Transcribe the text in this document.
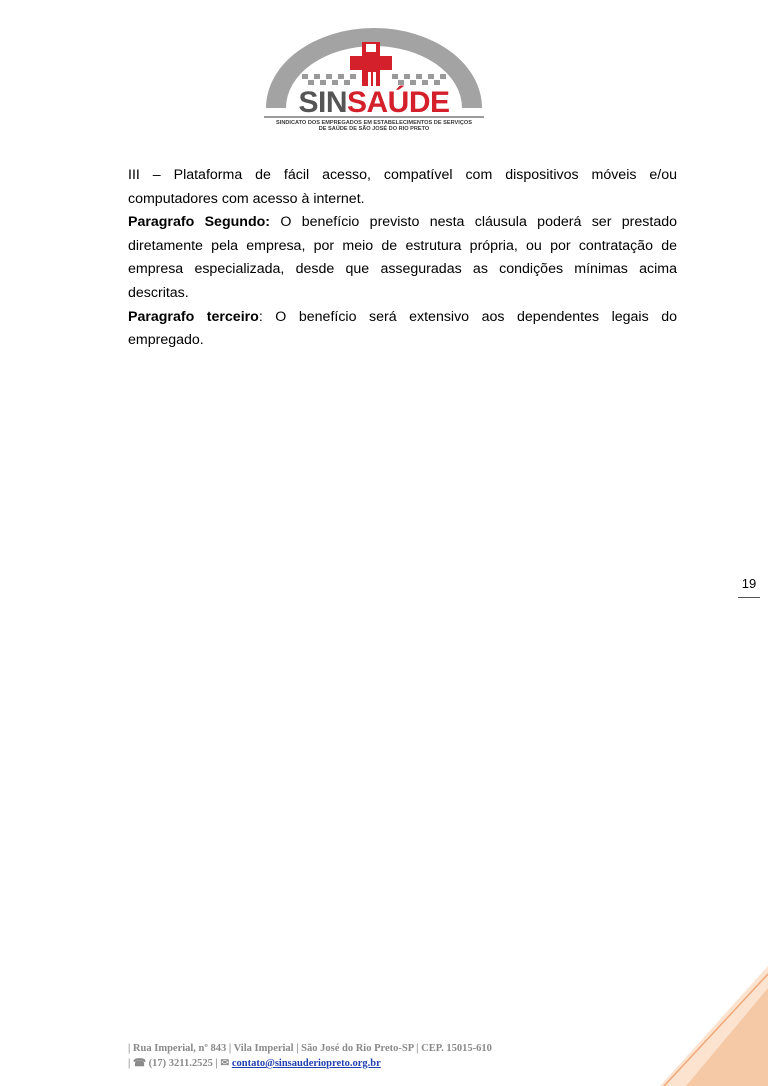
SINSAÚDE
SINDICATO DOS EMPREGADOS EM ESTABELECIMENTOS DE SERVIÇOS
DE SAÚDE DE SÃO JOSÉ DO RIO PRETO

III – Plataforma de fácil acesso, compatível com dispositivos móveis e/ou computadores com acesso à internet.

Paragrafo Segundo: O benefício previsto nesta cláusula poderá ser prestado diretamente pela empresa, por meio de estrutura própria, ou por contratação de empresa especializada, desde que asseguradas as condições mínimas acima descritas.

Paragrafo terceiro: O benefício será extensivo aos dependentes legais do empregado.

19
| Rua Imperial, nº 843 | Vila Imperial | São José do Rio Preto-SP | CEP. 15015-610
| ☎ (17) 3211.2525 | ✉ contato@sinsauderiopreto.org.br
